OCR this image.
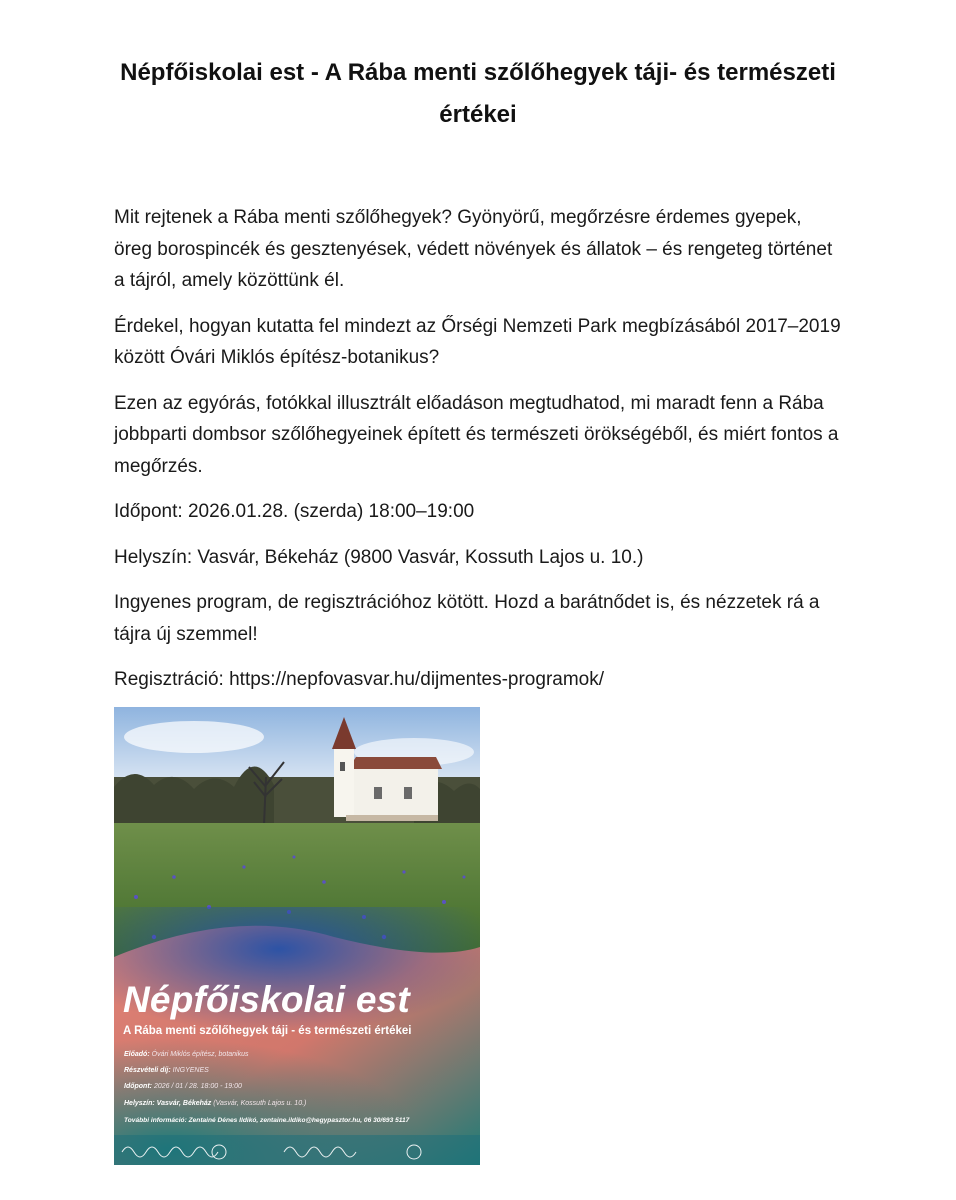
Népfőiskolai est - A Rába menti szőlőhegyek táji- és természeti értékei

Mit rejtenek a Rába menti szőlőhegyek? Gyönyörű, megőrzésre érdemes gyepek, öreg borospincék és gesztenyések, védett növények és állatok – és rengeteg történet a tájról, amely közöttünk él.

Érdekel, hogyan kutatta fel mindezt az Őrségi Nemzeti Park megbízásából 2017–2019 között Óvári Miklós építész-botanikus?

Ezen az egyórás, fotókkal illusztrált előadáson megtudhatod, mi maradt fenn a Rába jobbparti dombsor szőlőhegyeinek épített és természeti örökségéből, és miért fontos a megőrzés.

Időpont: 2026.01.28. (szerda) 18:00–19:00

Helyszín: Vasvár, Békeház (9800 Vasvár, Kossuth Lajos u. 10.)

Ingyenes program, de regisztrációhoz kötött. Hozd a barátnődet is, és nézzetek rá a tájra új szemmel!

Regisztráció: https://nepfovasvar.hu/dijmentes-programok/

Népfőiskolai est
A Rába menti szőlőhegyek táji - és természeti értékei
Előadó: Óvári Miklós építész, botanikus
Részvételi díj: INGYENES
Időpont: 2026 / 01 / 28. 18:00 - 19:00
Helyszín: Vasvár, Békeház (Vasvár, Kossuth Lajos u. 10.)
További információ: Zentainé Dénes Ildikó, zentaine.ildiko@hegypasztor.hu, 06 30/693 5117
